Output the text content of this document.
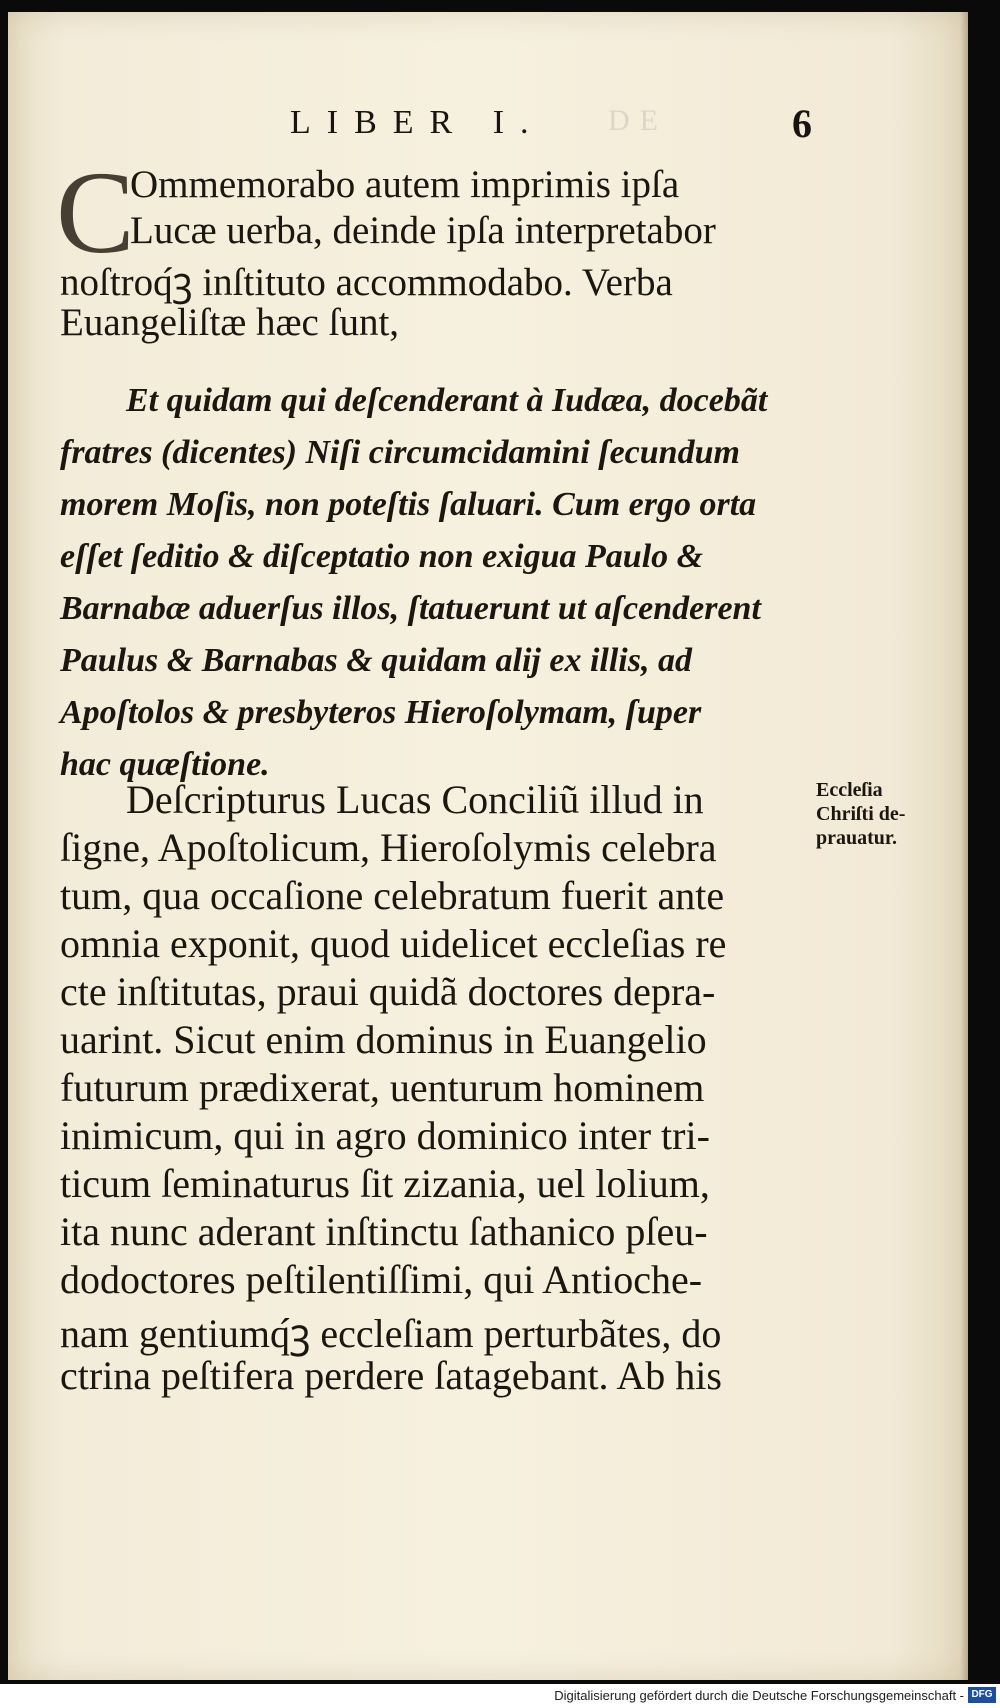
LIBER I. DE	6
C
Ommemorabo autem imprimis ipſa
Lucæ uerba, deinde ipſa interpretabor
noſtroq́ꝫ inſtituto accommodabo. Verba
Euangeliſtæ hæc ſunt,
Et quidam qui deſcenderant à Iudæa, docebãt
fratres (dicentes) Niſi circumcidamini ſecundum
morem Moſis, non poteſtis ſaluari. Cum ergo orta
eſſet ſeditio & diſceptatio non exigua Paulo &
Barnabæ aduerſus illos, ſtatuerunt ut aſcenderent
Paulus & Barnabas & quidam alij ex illis, ad
Apoſtolos & presbyteros Hieroſolymam, ſuper
hac quæſtione.
Deſcripturus Lucas Conciliũ illud in
ſigne, Apoſtolicum, Hieroſolymis celebra
tum, qua occaſione celebratum fuerit ante
omnia exponit, quod uidelicet eccleſias re
cte inſtitutas, praui quidã doctores depra-
uarint. Sicut enim dominus in Euangelio
futurum prædixerat, uenturum hominem
inimicum, qui in agro dominico inter tri-
ticum ſeminaturus ſit zizania, uel lolium,
ita nunc aderant inſtinctu ſathanico pſeu-
dodoctores peſtilentiſſimi, qui Antioche-
nam gentiumq́ꝫ eccleſiam perturbãtes, do
ctrina peſtifera perdere ſatagebant. Ab his
Eccleſia
Chriſti de-
prauatur.
Digitalisierung gefördert durch die Deutsche Forschungsgemeinschaft - DFG
